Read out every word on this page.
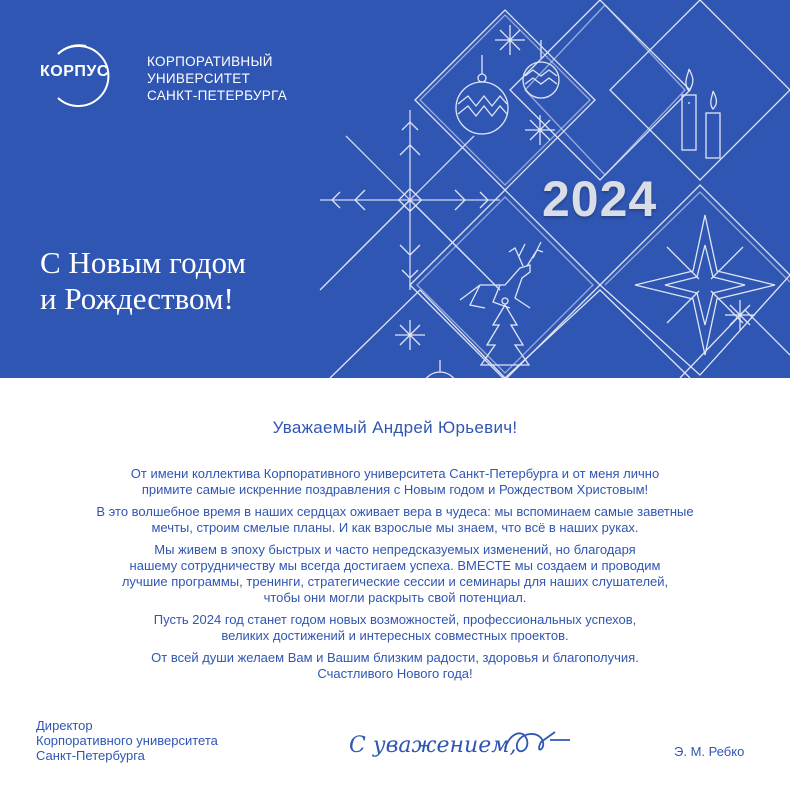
КОРПУС
КОРПОРАТИВНЫЙ
УНИВЕРСИТЕТ
САНКТ-ПЕТЕРБУРГА
2024
С Новым годом
и Рождеством!
Уважаемый Андрей Юрьевич!

От имени коллектива Корпоративного университета Санкт-Петербурга и от меня лично
примите самые искренние поздравления с Новым годом и Рождеством Христовым!

В это волшебное время в наших сердцах оживает вера в чудеса: мы вспоминаем самые заветные
мечты, строим смелые планы. И как взрослые мы знаем, что всё в наших руках.

Мы живем в эпоху быстрых и часто непредсказуемых изменений, но благодаря
нашему сотрудничеству мы всегда достигаем успеха. ВМЕСТЕ мы создаем и проводим
лучшие программы, тренинги, стратегические сессии и семинары для наших слушателей,
чтобы они могли раскрыть свой потенциал.

Пусть 2024 год станет годом новых возможностей, профессиональных успехов,
великих достижений и интересных совместных проектов.

От всей души желаем Вам и Вашим близким радости, здоровья и благополучия.
Счастливого Нового года!

Директор
Корпоративного университета
Санкт-Петербурга	С уважением,	Э. М. Ребко
